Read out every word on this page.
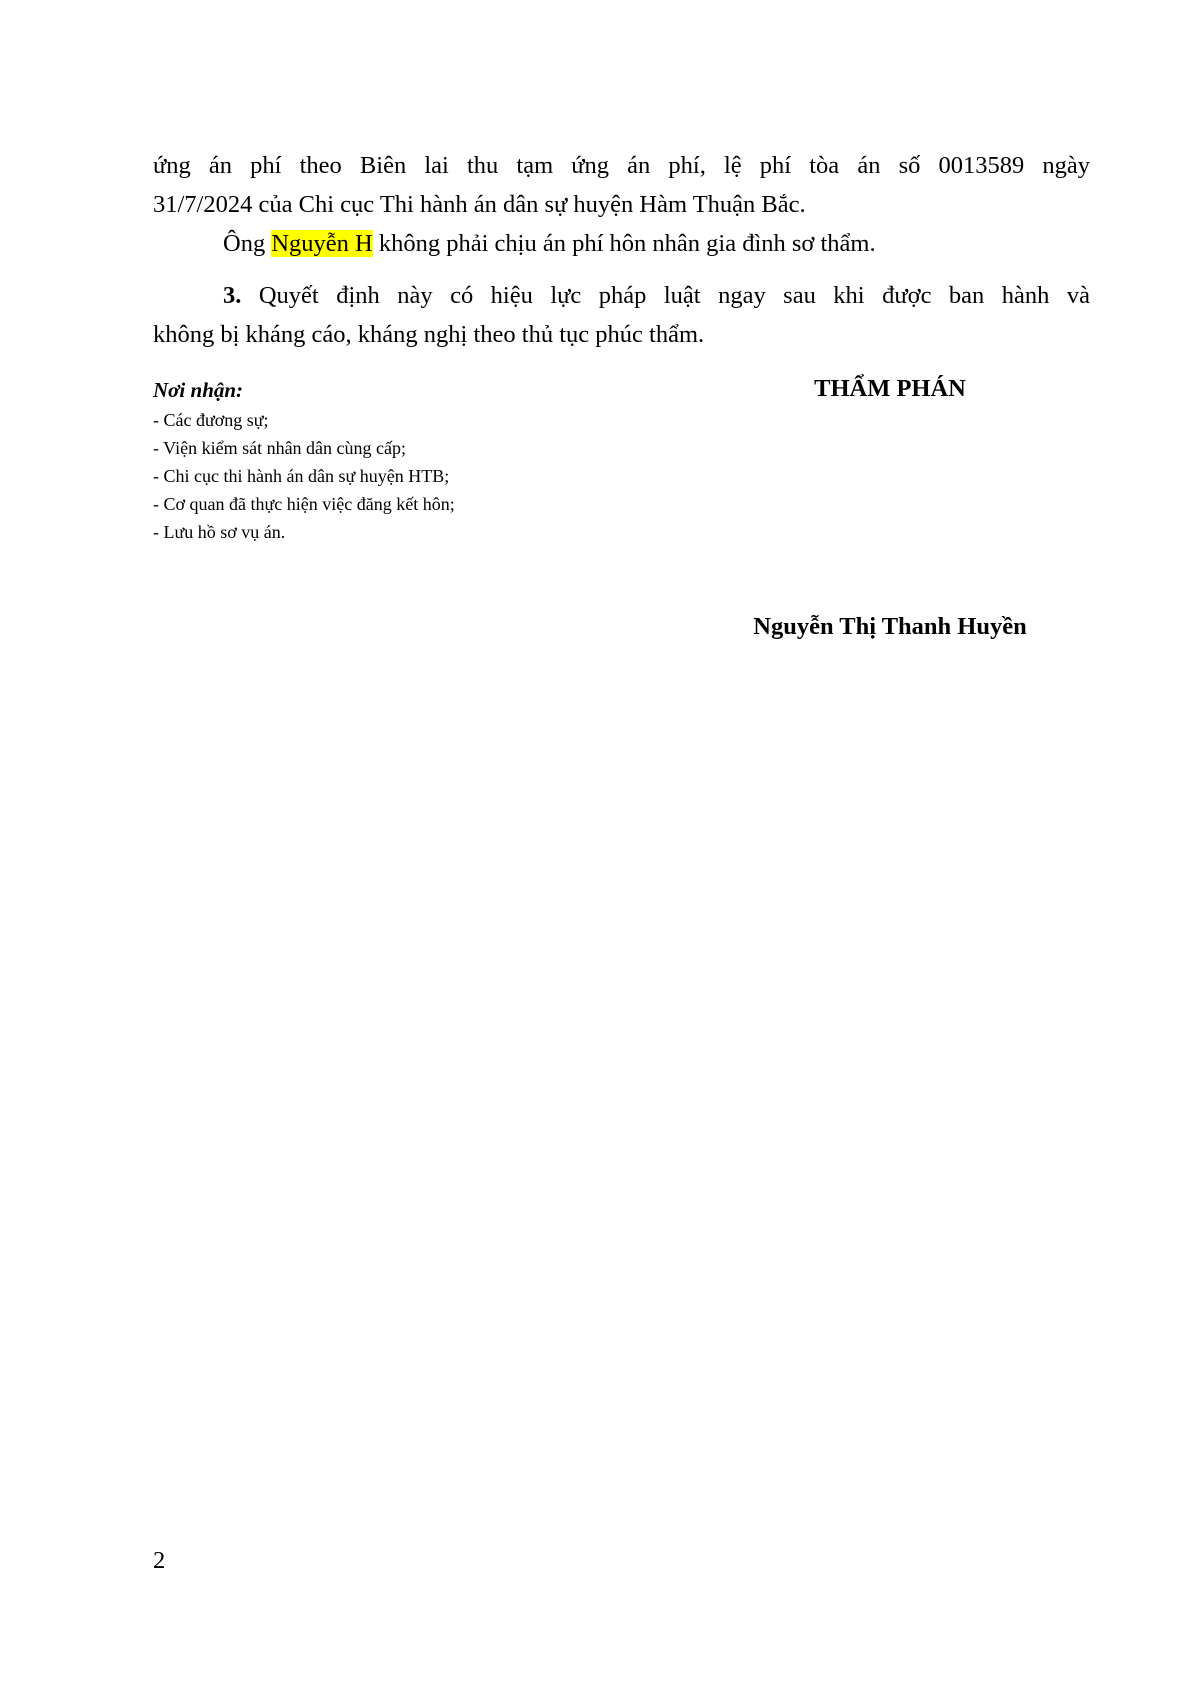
ứng án phí theo Biên lai thu tạm ứng án phí, lệ phí tòa án số 0013589 ngày
31/7/2024 của Chi cục Thi hành án dân sự huyện Hàm Thuận Bắc.
Ông Nguyễn H không phải chịu án phí hôn nhân gia đình sơ thẩm.
3. Quyết định này có hiệu lực pháp luật ngay sau khi được ban hành và
không bị kháng cáo, kháng nghị theo thủ tục phúc thẩm.
Nơi nhận:
- Các đương sự;
- Viện kiểm sát nhân dân cùng cấp;
- Chi cục thi hành án dân sự huyện HTB;
- Cơ quan đã thực hiện việc đăng kết hôn;
- Lưu hồ sơ vụ án.
THẨM PHÁN
Nguyễn Thị Thanh Huyền
2
